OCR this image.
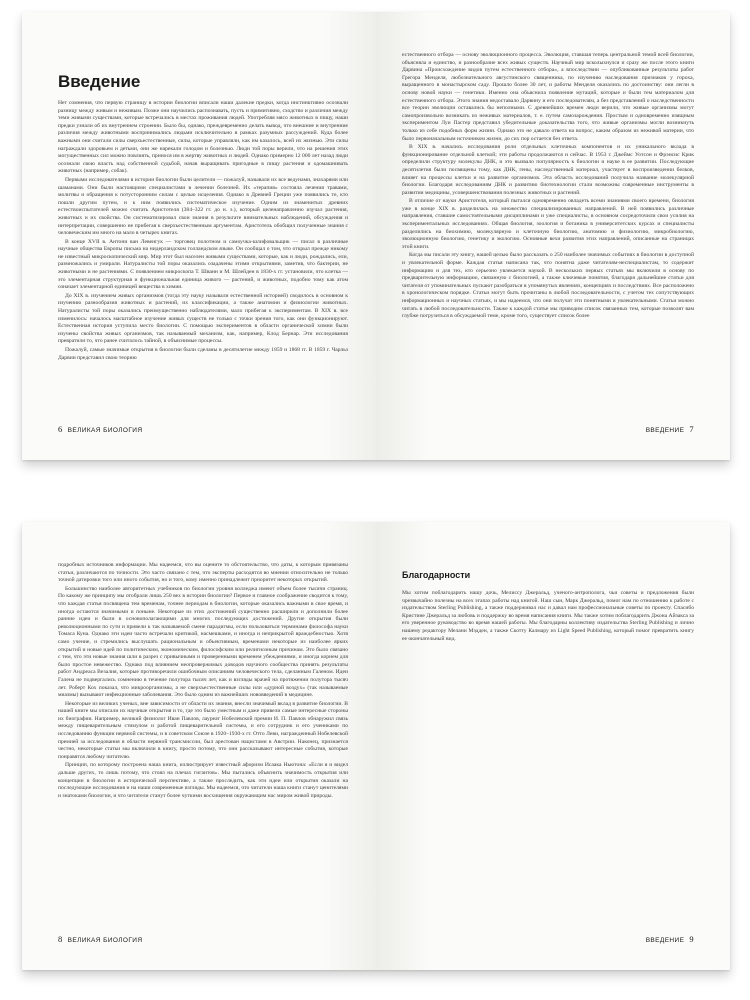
Введение

Нет сомнения, что первую страницу в истории биологии вписали наши далекие предки, когда инстинктивно осознали разницу между живым и неживым. Позже они научились распознавать, пусть и примитивно, сходство и различия между теми живыми существами, которые встречались в местах проживания людей. Употребляя мясо животных в пищу, наши предки узнали об их внутреннем строении. Было бы, однако, преждевременно делать вывод, что внешние и внутренние различия между животными воспринимались людьми исключительно в рамках разумных рассуждений. Куда более важными они считали силы сверхъестественные, силы, которые управляли, как им казалось, всей их жизнью. Эти силы награждали здоровьем и детьми, они же нарекали голодом и болезнью. Люди той поры верили, что на решения этих могущественных сил можно повлиять, принося им в жертву животных и людей. Однако примерно 12 000 лет назад люди осознали свою власть над собственной судьбой, начав выращивать пригодные в пищу растения и одомашнивать животных (например, собак).

Первыми исследователями в истории биологии были целители — пожалуй, называли их все ведунами, знахарями или шаманами. Они были настоящими специалистами в лечении болезней. Их «терапия» состояла лечения травами, молитвы и обращения к потусторонним силам с целью исцеления. Однако в Древней Греции уже появились те, кто пошли другим путем, и к ним появились систематическое изучение. Одним из знаменитых древних естествоиспытателей можно считать Аристотеля (384–322 гг. до н. э.), который целенаправленно изучал растения, животных и их свойства. Он систематизировал свои знания в результате внимательных наблюдений, обсуждения и интерпретации, совершенно не прибегая к сверхъестественным аргументам. Аристотель обобщил полученные знания с человеческим им много на мало в четырех книгах.

В конце XVII в. Антони ван Левенгук — торговец полотном и самоучка-шлифовальщик — писал в различные научные общества Европы письма на нидерландском голландском языке. Он сообщал о том, что открыл прежде никому не известный микроскопический мир. Мир этот был населен живыми существами, которые, как и люди, рождались, ели, размножались и умирали. Натуралисты той поры оказались озадачены этими открытиями, заметив, что бактерии, не животными и не растениями. С появлением микроскопа Т. Шванн и М. Шлейден в 1830-х гг. установили, что клетка — это элементарная структурная и функциональная единица живого — растений, и животных, подобно тому как атом означает элементарной единицей вещества в химии.

До XIX в. изучением живых организмов (тогда эту науку называли естественной историей) сводилось в основном к изучению разнообразия животных и растений, их классификации, а также анатомии и физиологии животных. Натуралисты той поры оказались преимущественно наблюдателями, мало прибегая к экспериментам. В XIX в. все изменилось: началось масштабное изучение живых существ не только с точки зрения того, как они функционируют. Естественная история уступила место биологии. С помощью экспериментов в области органической химии были изучены свойства живых организмов, так называемый механизм, как, например, Клод Бернар. Эти исследования превратили то, что ранее считалось тайной, в объяснимые процессы.

Пожалуй, самые значимые открытия в биологии были сделаны в десятилетие между 1859 и 1868 гг. В 1859 г. Чарльз Дарвин представил свою теорию

6 ВЕЛИКАЯ БИОЛОГИЯ

естественного отбора — основу эволюционного процесса. Эволюция, ставшая теперь центральной темой всей биологии, объясняла и единство, и разнообразие всех живых существ. Научный мир всколыхнулся и сразу же после этого книги Дарвина «Происхождение видов путем естественного отбора», а впоследствии — опубликованные результаты работ Грегора Менделя, любознательного августинского священника, по изучению наследования признаков у гороха, выращенного в монастырском саду. Прошло более 30 лет, и работы Менделя оказались по достоинству: они легли в основу новой науки — генетики. Именно она объяснила появление мутаций, которые и были тем материалом для естественного отбора. Этого знания недоставало Дарвину и его последователям, а без представлений о наследственности все теории эволюции оставались бы неполными. С древнейших времен люди верили, что живые организмы могут самопроизвольно возникать из неживых материалов, т. е. путем самозарождения. Простым и одновременно изящным экспериментом Луи Пастер представил убедительные доказательства того, что живые организмы могли возникнуть только из себе подобных форм жизни. Однако это не давало ответа на вопрос, каким образом из неживой материи, что было первоначальным источником жизни, до сих пор остается без ответа.

В XIX в. начались исследования роли отдельных клеточных компонентов и их уникального вклада в функционирование отдельной клеткой; эти работы продолжаются и сейчас. В 1953 г. Джеймс Уотсон и Фрэнсис Крик определили структуру молекулы ДНК, и это вызвало популярность к биологии и науке в ее развитии. Последующие десятилетия были посвящены тому, как ДНК, гены, наследственный материал, участвует в воспроизведении белков, влияет на процессы клетки и на развитие организмов. Эта область исследований получила название молекулярной биологии. Благодаря исследованиям ДНК и развитию биотехнологии стали возможны современные инструменты в развитии медицины, усовершенствования полезных животных и растений.

В отличие от науки Аристотеля, который пытался одновременно овладеть всеми знаниями своего времени, биология уже в конце XIX в. разделилась на множество специализированных направлений. В ней появились различные направления, ставшие самостоятельными дисциплинами и уже специалисты, в основном сосредоточили свои усилия на экспериментальных исследованиях. Общая биология, зоология и ботаника в университетских курсах и специалисты разделились на биохимию, молекулярную и клеточную биологию, анатомию и физиологию, микробиологию, эволюционную биологию, генетику и экологию. Основные вехи развития этих направлений, описанные на страницах этой книги.

Когда мы писали эту книгу, нашей целью было рассказать о 250 наиболее значимых событиях в биологии в доступной и увлекательной форме. Каждая статья написана так, что понятна даже читателям-неспециалистам, то содержит информацию и для тех, кто серьезно увлекается наукой. В нескольких первых статьях мы включили в основу по предварительную информацию, связанную с биологией, а также ключевые понятия, благодаря дальнейшие статьи для читателя от упоминательных пускают разобраться в упомянутых явлениях, концепциях и последствиях. Все расположено в хронологическом порядке. Статьи могут быть прочитаны в любой последовательности, с учетом тех сопутствующих информационных и научных статьях, и мы надеемся, что они получат эти понятными и увлекательными. Статьи можно читать в любой последовательности. Также к каждой статье мы приводим список связанных тем, которые позволят вам глубже погрузиться в обсуждаемой теме, кроме того, существует список более

ВВЕДЕНИЕ 7

подробных источников информации. Мы надеемся, что вы оцените то обстоятельство, что даты, к которым привязаны статьи, различаются по точности. Это часто связано с тем, что эксперты расходятся во мнении относительно не только точной датировки того или иного события, но и того, кому именно принадлежит приоритет некоторых открытий.

Большинство наиболее авторитетных учебников по биологии уровня колледжа имеют объем более тысячи страниц. По какому же принципу мы отобрали лишь 250 вех в истории биологии? Первое и главное соображение сводится к тому, что каждая статья посвящена тем временам, точнее периодам в биологии, которые оказались важными в свое время, и иногда остаются значимыми и поныне. Некоторые из этих достижений существенно расширили и дополнили более ранние идеи и были в основополагающими для многих последующих достижений. Другие открытия были революционными по сути и привели к так называемой смене парадигмы, если пользоваться терминами философа науки Томаса Куна. Однако эти идеи часто встречали критикой, насмешками, и иногда и неприкрытой враждебностью. Хотя само учение, и стремились выслушать рациональным и объективным, временами некоторые из наиболее ярких открытий и новые идей по политическим, экономическим, философским или религиозным причинам. Это было связано с тем, что эти новые знания шли в разрез с привычными и проверенными временем убеждениями, и иногда корнем для было простое невежество. Однако под влиянием неопровержимых доводов научного сообщества принять результаты работ Андреаса Везалия, которые противоречили ошибочным описаниям человеческого тела, сделанным Галеном. Идеи Галена не подвергались сомнению в течение полутора тысяч лет, как и взгляды врачей на протяжении полутора тысяч лет. Роберт Кох показал, что микроорганизмы, а не сверхъестественные силы или «дурной воздух» (так называемые миазмы) вызывают инфекционные заболевания. Это было одним из важнейших нововведений в медицине.

Некоторые из великих ученых, вне зависимости от области их знания, внесли значимый вклад в развитие биологии. В нашей книге мы описали их научные открытия и то, где это было уместным и даже привели самые интересные стороны их биографии. Например, великий физиолог Иван Павлов, лауреат Нобелевской премии И. П. Павлов обнаружил связь между пищеварительным стимулом и работой пищеварительной системы, и его сотрудник и его учениками по исследованию функции нервной системы, и в советском Союзе в 1920–1930-х гг. Отто Леви, награжденный Нобелевской премией за исследования в области нервной трансмиссии, был арестован нацистами в Австрии. Наконец, признается честно, некоторые статьи мы включили в книгу, просто потому, что они рассказывают интересные события, которые понравятся любому читателю.

Принцип, по которому построена наша книга, иллюстрирует известный афоризм Исаака Ньютона: «Если я и видел дальше других, то лишь потому, что стоял на плечах гигантов». Мы пытались объяснить значимость открытия или концепции в биологии в исторической перспективе, а также проследить, как эти идеи или открытия оказали на последующие исследования и на наши современные взгляды. Мы надеемся, что читатели наша книги станут ценителями и знатоками биологии, и что читатели станут более чуткими восхищения окружающим нас миром живой природы.

8 ВЕЛИКАЯ БИОЛОГИЯ
Благодарности

Мы хотим поблагодарить нашу дочь, Мелиссу Джеральд, ученого-антрополога, чьи советы и предложения были чрезвычайно полезны на всех этапах работы над книгой. Наш сын, Марк Джеральд, помог нам по отношению к работе с издательством Sterling Publishing, а также поддерживал нас и давал нам профессиональные советы по проекту. Спасибо Кристине Джеральд за любовь и поддержку во время написания книги. Мы также хотим поблагодарить Джона Айзакса за его уверенное руководство во время нашей работы. Мы благодарны коллективу издательства Sterling Publishing и лично нашему редактору Мелани Мэдден, а также Скотту Калмару из Light Speed Publishing, который помог превратить книгу ее окончательный вид.

ВВЕДЕНИЕ 9
